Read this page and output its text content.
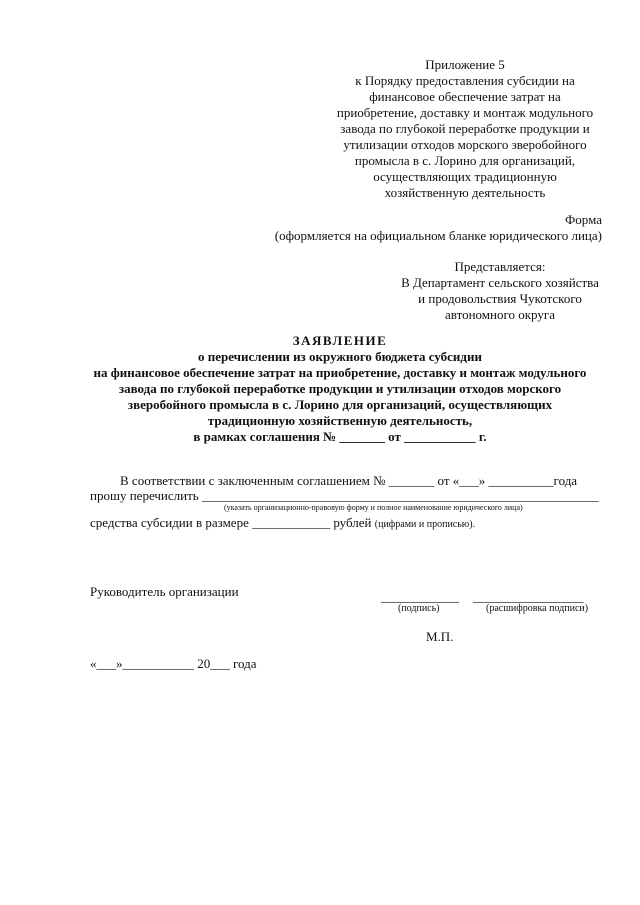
Приложение 5
к Порядку предоставления субсидии на
финансовое обеспечение затрат на
приобретение, доставку и монтаж модульного
завода по глубокой переработке продукции и
утилизации отходов морского зверобойного
промысла в с. Лорино для организаций,
осуществляющих традиционную
хозяйственную деятельность
Форма
(оформляется на официальном бланке юридического лица)
Представляется:
В Департамент сельского хозяйства
и продовольствия Чукотского
автономного округа
ЗАЯВЛЕНИЕ
о перечислении из окружного бюджета субсидии
на финансовое обеспечение затрат на приобретение, доставку и монтаж модульного
завода по глубокой переработке продукции и утилизации отходов морского
зверобойного промысла в с. Лорино для организаций, осуществляющих
традиционную хозяйственную деятельность,
в рамках соглашения № _______ от ___________ г.
В соответствии с заключенным соглашением № _______ от «___» __________года
прошу перечислить _____________________________________________________________
(указать организационно-правовую форму и полное наименование юридического лица)
средства субсидии в размере ____________ рублей (цифрами и прописью).
Руководитель организации	____________ _________________
(подпись)	(расшифровка подписи)
М.П.
«___»___________ 20___ года
